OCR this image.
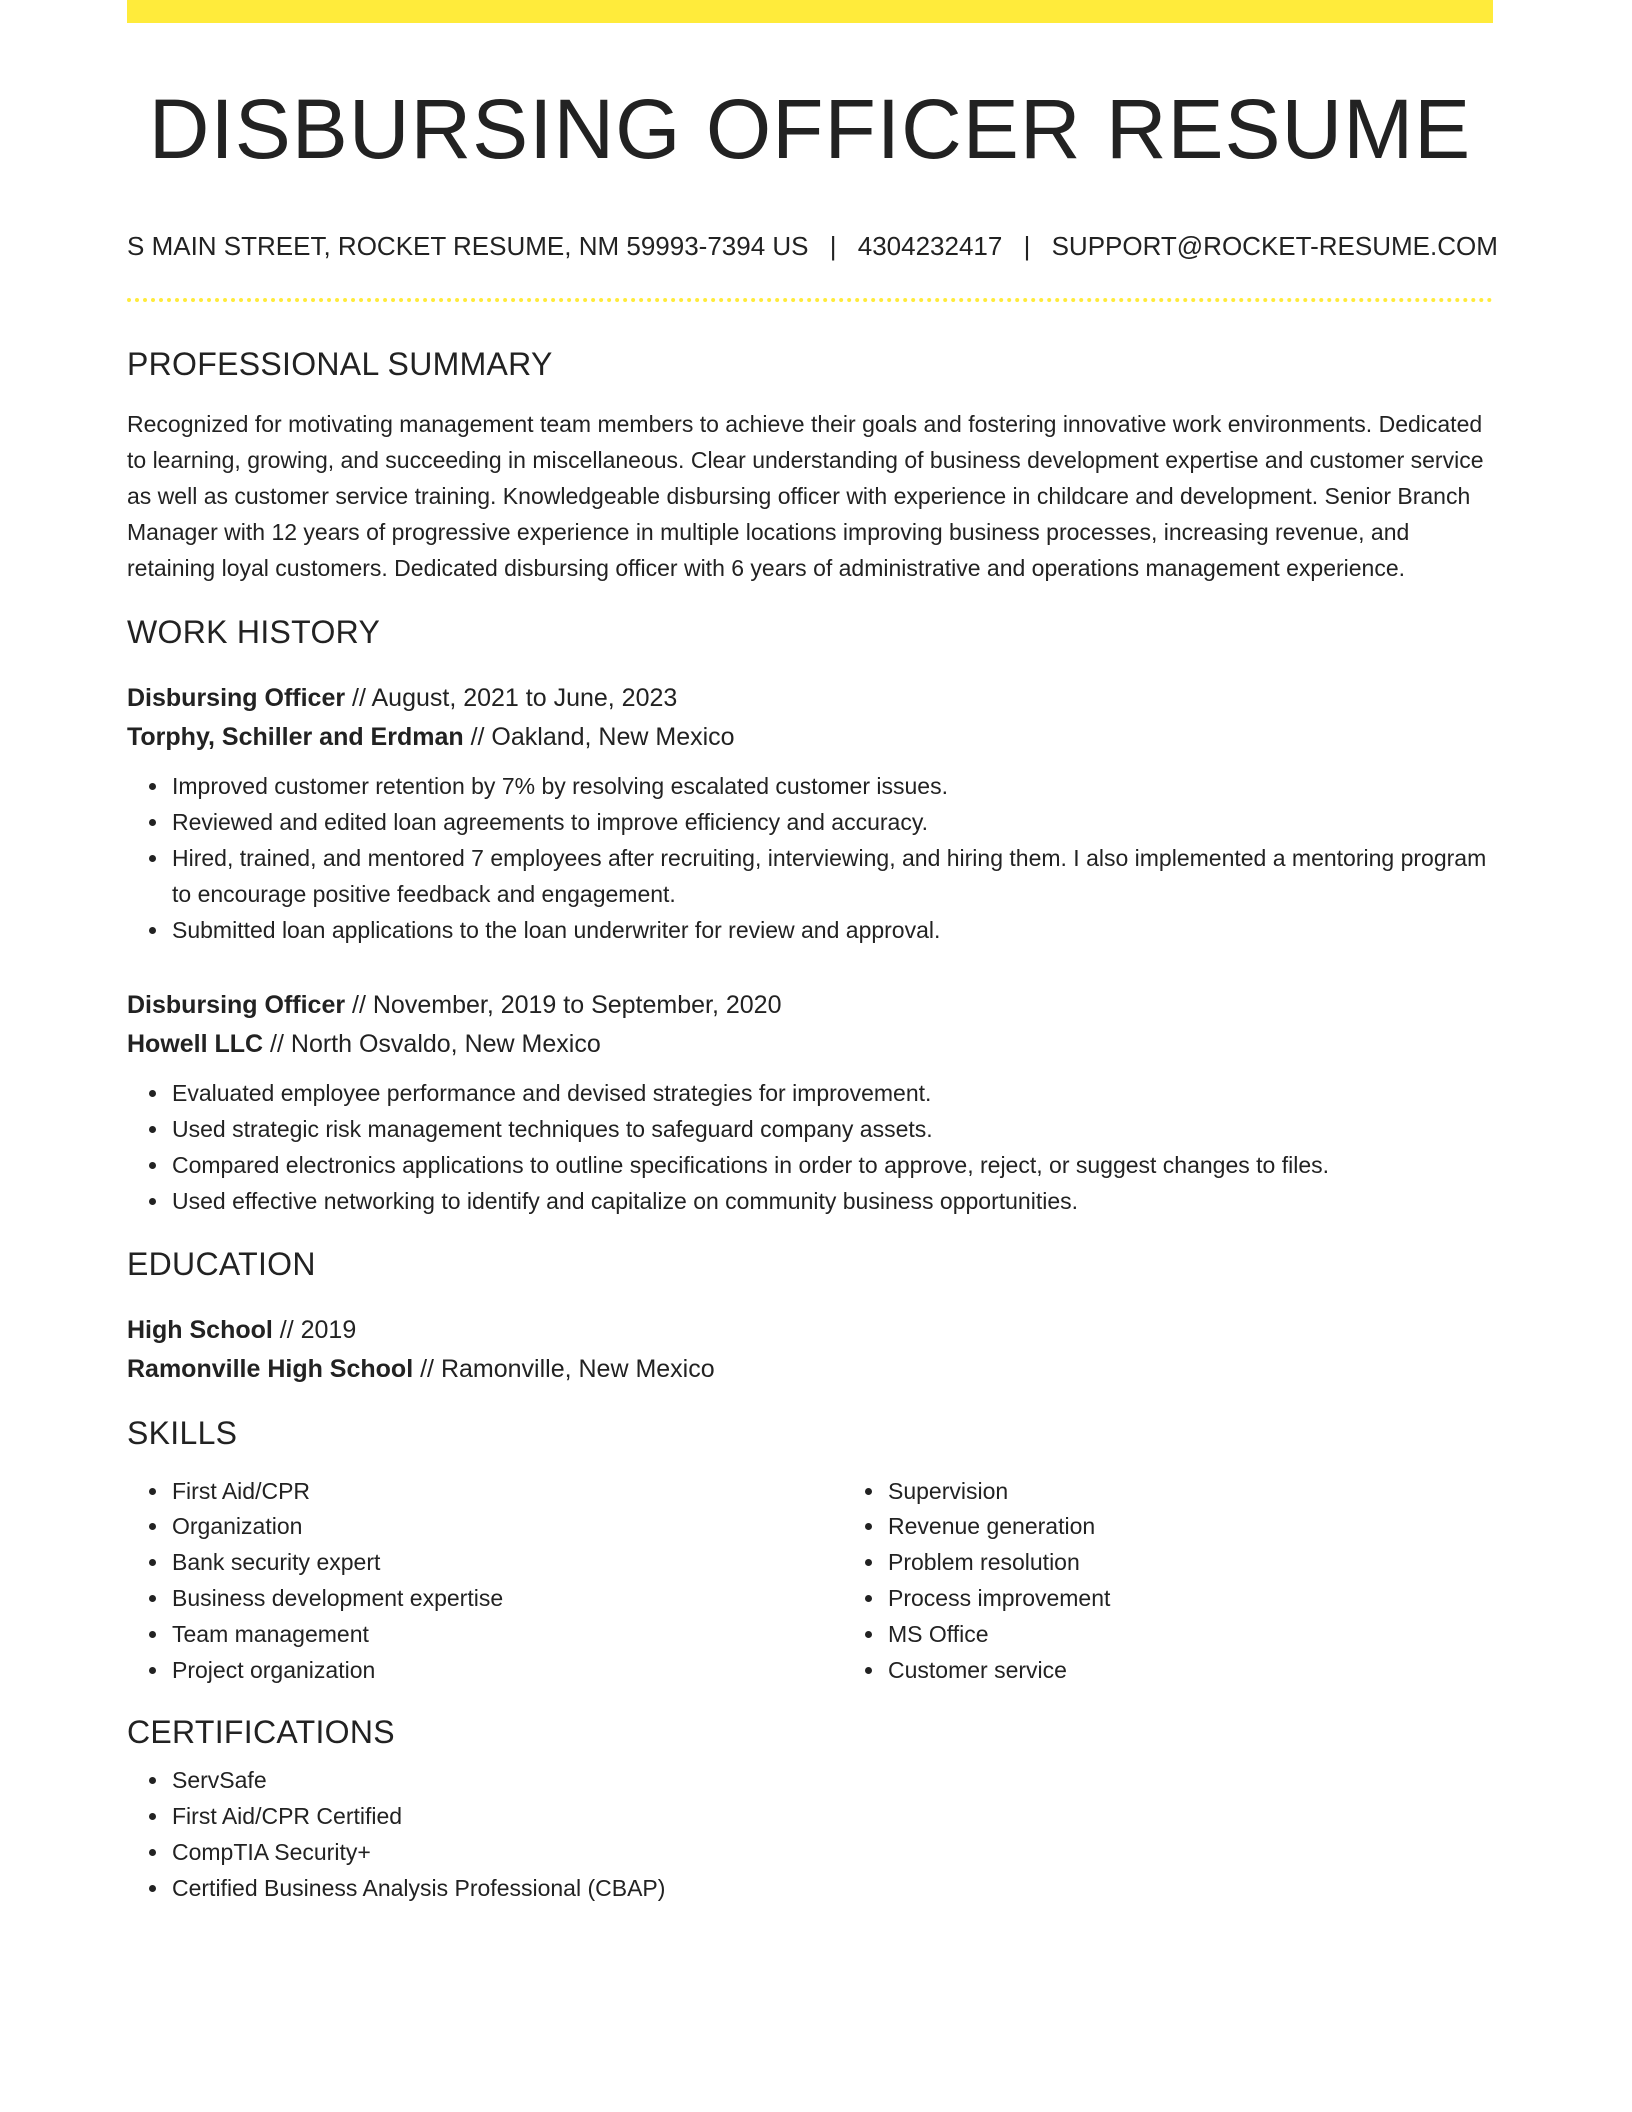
DISBURSING OFFICER RESUME
S MAIN STREET, ROCKET RESUME, NM 59993-7394 US | 4304232417 | SUPPORT@ROCKET-RESUME.COM
PROFESSIONAL SUMMARY

Recognized for motivating management team members to achieve their goals and fostering innovative work environments. Dedicated to learning, growing, and succeeding in miscellaneous. Clear understanding of business development expertise and customer service as well as customer service training. Knowledgeable disbursing officer with experience in childcare and development. Senior Branch Manager with 12 years of progressive experience in multiple locations improving business processes, increasing revenue, and retaining loyal customers. Dedicated disbursing officer with 6 years of administrative and operations management experience.

WORK HISTORY
Disbursing Officer // August, 2021 to June, 2023
Torphy, Schiller and Erdman // Oakland, New Mexico
• Improved customer retention by 7% by resolving escalated customer issues.
• Reviewed and edited loan agreements to improve efficiency and accuracy.
• Hired, trained, and mentored 7 employees after recruiting, interviewing, and hiring them. I also implemented a mentoring program to encourage positive feedback and engagement.
• Submitted loan applications to the loan underwriter for review and approval.
Disbursing Officer // November, 2019 to September, 2020
Howell LLC // North Osvaldo, New Mexico
• Evaluated employee performance and devised strategies for improvement.
• Used strategic risk management techniques to safeguard company assets.
• Compared electronics applications to outline specifications in order to approve, reject, or suggest changes to files.
• Used effective networking to identify and capitalize on community business opportunities.
EDUCATION
High School // 2019
Ramonville High School // Ramonville, New Mexico
SKILLS
• First Aid/CPR
• Organization
• Bank security expert
• Business development expertise
• Team management
• Project organization
• Supervision
• Revenue generation
• Problem resolution
• Process improvement
• MS Office
• Customer service
CERTIFICATIONS
• ServSafe
• First Aid/CPR Certified
• CompTIA Security+
• Certified Business Analysis Professional (CBAP)
